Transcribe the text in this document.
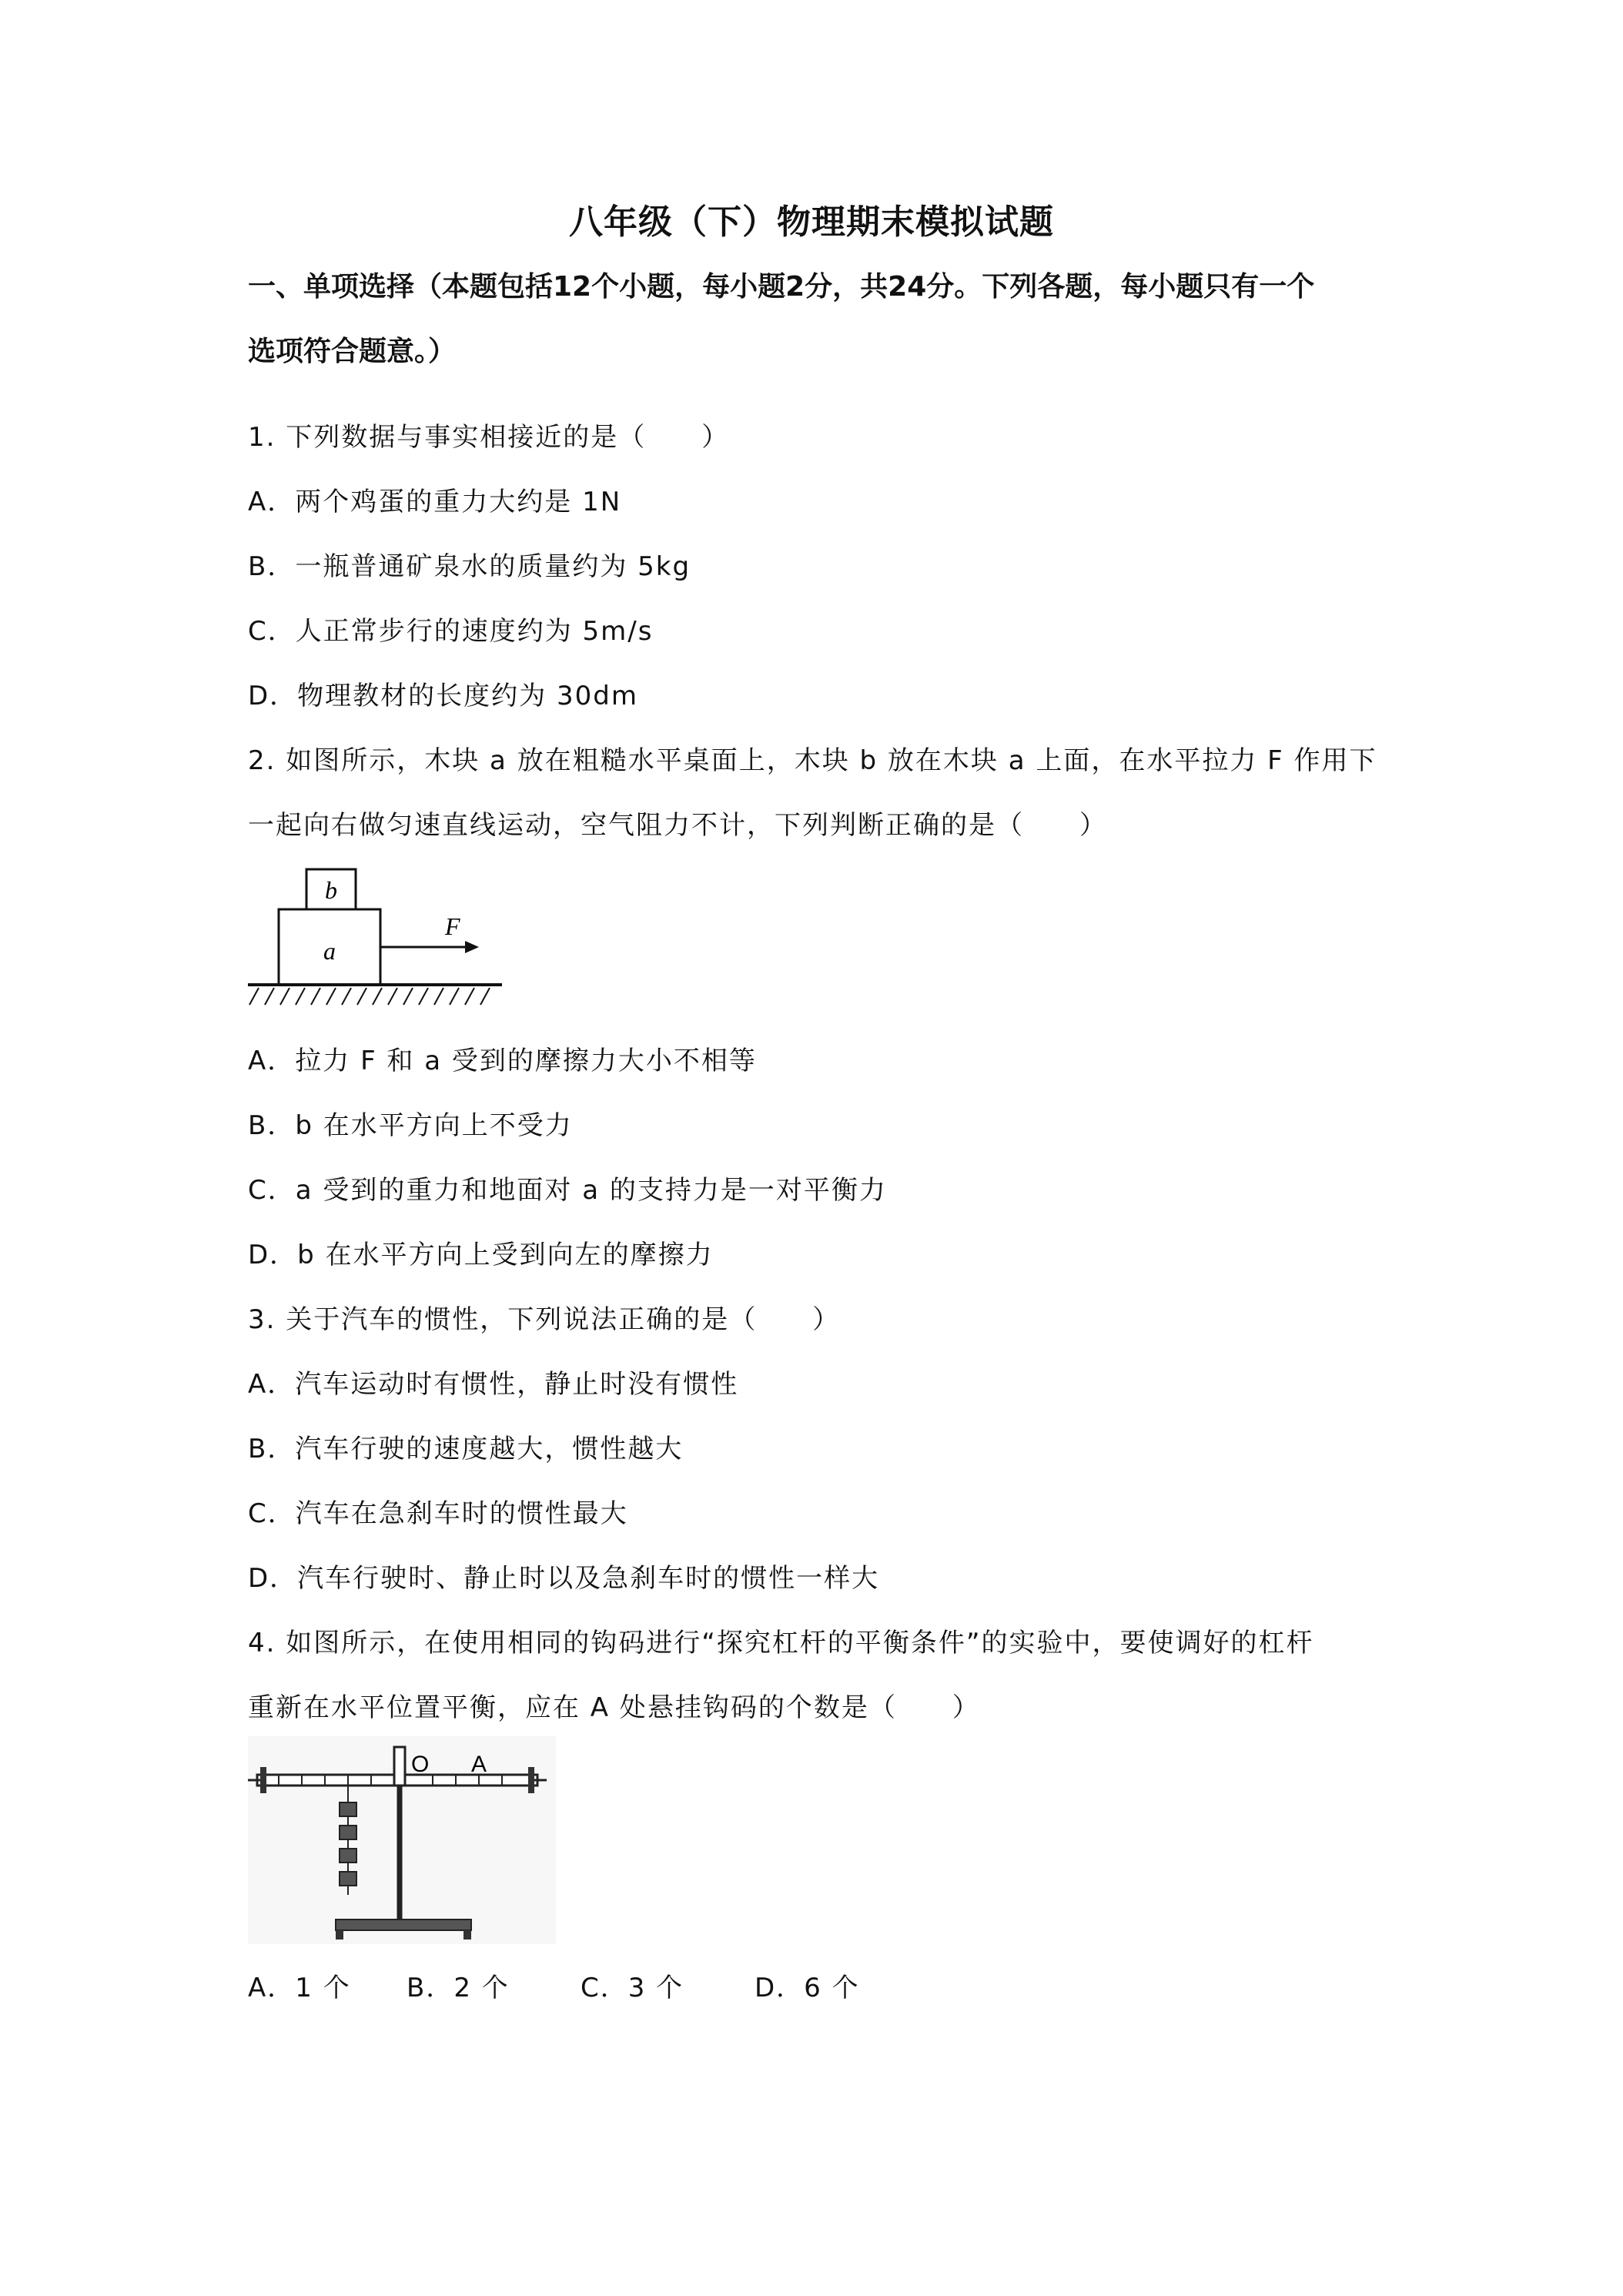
八年级（下）物理期末模拟试题
一、单项选择（本题包括12个小题，每小题2分，共24分。下列各题，每小题只有一个
选项符合题意。）
1. 下列数据与事实相接近的是（　　）
A．两个鸡蛋的重力大约是 1N
B．一瓶普通矿泉水的质量约为 5kg
C．人正常步行的速度约为 5m/s
D．物理教材的长度约为 30dm
2. 如图所示，木块 a 放在粗糙水平桌面上，木块 b 放在木块 a 上面，在水平拉力 F 作用下
一起向右做匀速直线运动，空气阻力不计，下列判断正确的是（　　）
b
a
F
A．拉力 F 和 a 受到的摩擦力大小不相等
B．b 在水平方向上不受力
C．a 受到的重力和地面对 a 的支持力是一对平衡力
D．b 在水平方向上受到向左的摩擦力
3. 关于汽车的惯性，下列说法正确的是（　　）
A．汽车运动时有惯性，静止时没有惯性
B．汽车行驶的速度越大，惯性越大
C．汽车在急刹车时的惯性最大
D．汽车行驶时、静止时以及急刹车时的惯性一样大
4. 如图所示，在使用相同的钩码进行“探究杠杆的平衡条件”的实验中，要使调好的杠杆
重新在水平位置平衡，应在 A 处悬挂钩码的个数是（　　）
O A
A．1 个 B．2 个	C．3 个	D．6 个
